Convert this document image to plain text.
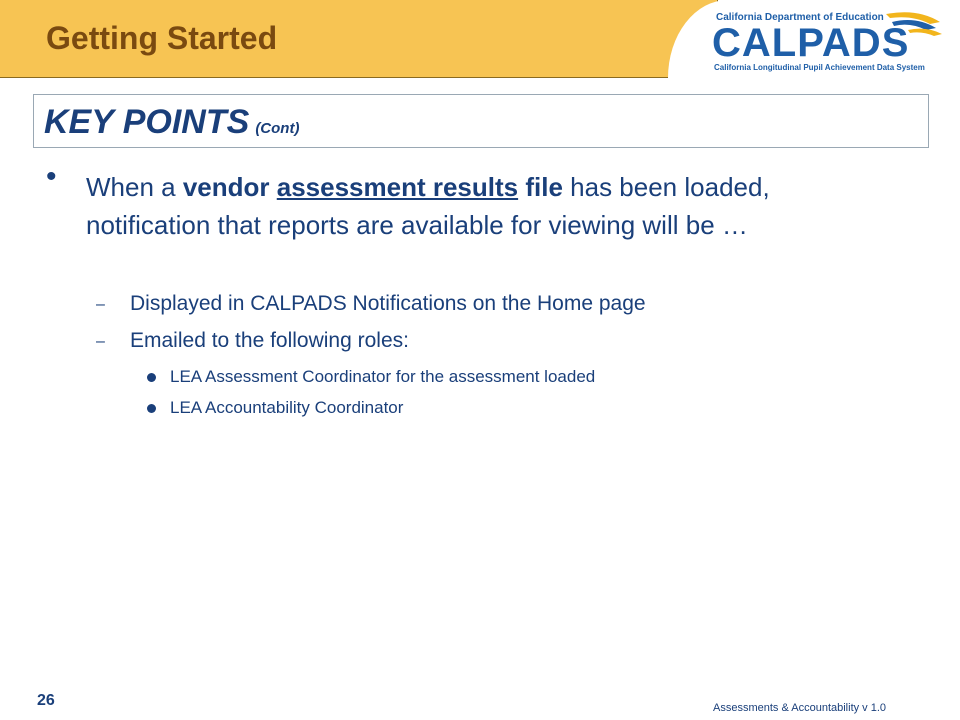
Getting Started
California Department of Education
CALPADS
California Longitudinal Pupil Achievement Data System
KEY POINTS (Cont)
• When a vendor assessment results file has been loaded, notification that reports are available for viewing will be …
– Displayed in CALPADS Notifications on the Home page
– Emailed to the following roles:
LEA Assessment Coordinator for the assessment loaded
LEA Accountability Coordinator
26	Assessments & Accountability v 1.0
